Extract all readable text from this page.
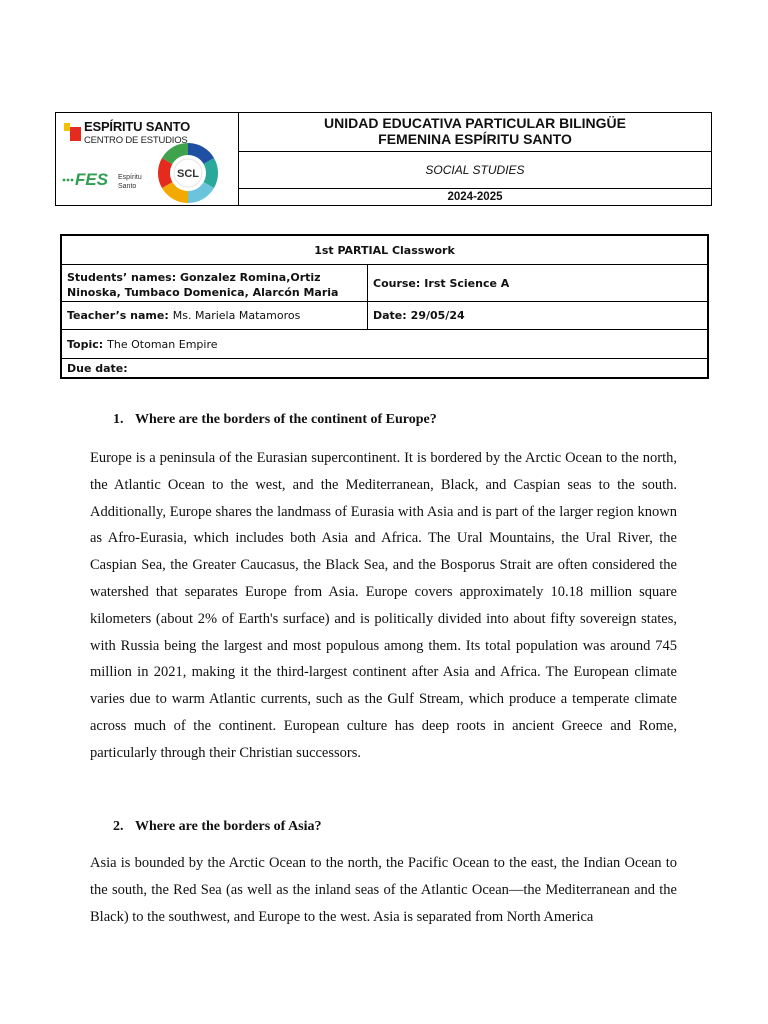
ESPÍRITU SANTO
CENTRO DE ESTUDIOS
FES Espíritu
Santo
SCL
UNIDAD EDUCATIVA PARTICULAR BILINGÜE
FEMENINA ESPÍRITU SANTO
SOCIAL STUDIES
2024-2025
1st PARTIAL Classwork
Students’ names: Gonzalez Romina,Ortiz Ninoska, Tumbaco Domenica, Alarcón Maria
Course: Irst Science A
Teacher’s name: Ms. Mariela Matamoros	Date: 29/05/24
Topic: The Otoman Empire
Due date:
1. Where are the borders of the continent of Europe?

Europe is a peninsula of the Eurasian supercontinent. It is bordered by the Arctic Ocean to the north, the Atlantic Ocean to the west, and the Mediterranean, Black, and Caspian seas to the south. Additionally, Europe shares the landmass of Eurasia with Asia and is part of the larger region known as Afro-Eurasia, which includes both Asia and Africa. The Ural Mountains, the Ural River, the Caspian Sea, the Greater Caucasus, the Black Sea, and the Bosporus Strait are often considered the watershed that separates Europe from Asia. Europe covers approximately 10.18 million square kilometers (about 2% of Earth's surface) and is politically divided into about fifty sovereign states, with Russia being the largest and most populous among them. Its total population was around 745 million in 2021, making it the third-largest continent after Asia and Africa. The European climate varies due to warm Atlantic currents, such as the Gulf Stream, which produce a temperate climate across much of the continent. European culture has deep roots in ancient Greece and Rome, particularly through their Christian successors.

2. Where are the borders of Asia?

Asia is bounded by the Arctic Ocean to the north, the Pacific Ocean to the east, the Indian Ocean to the south, the Red Sea (as well as the inland seas of the Atlantic Ocean—the Mediterranean and the Black) to the southwest, and Europe to the west. Asia is separated from North America
